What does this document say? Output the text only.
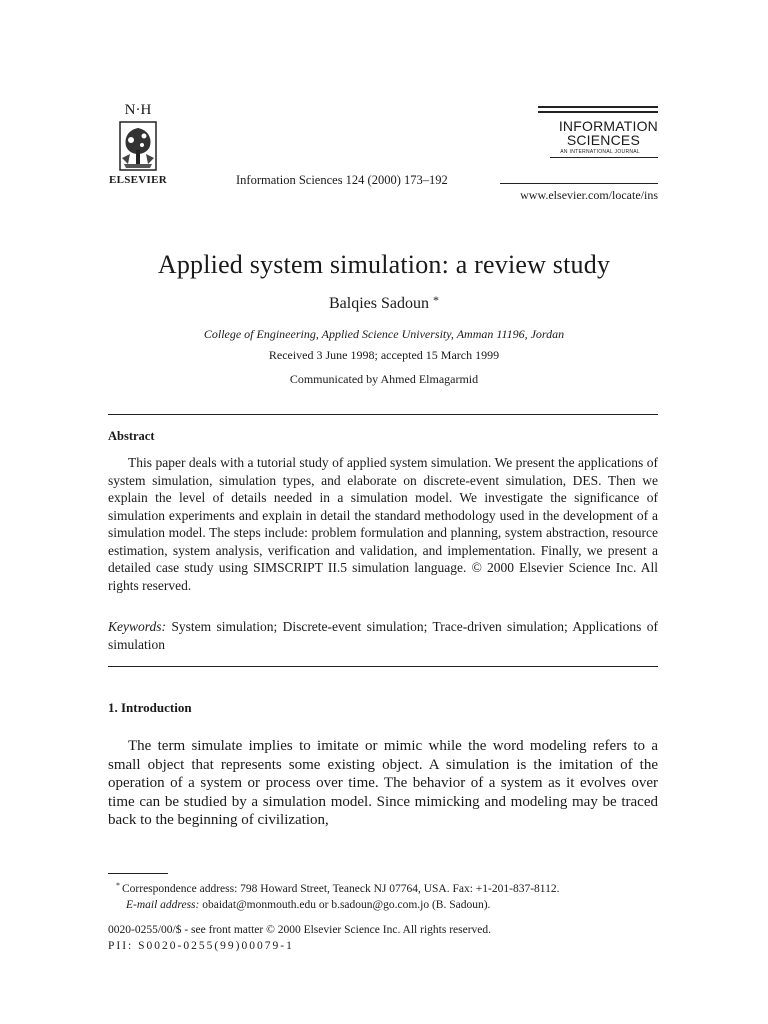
N·H
ELSEVIER	Information Sciences 124 (2000) 173–192
INFORMATION
SCIENCES
AN INTERNATIONAL JOURNAL
www.elsevier.com/locate/ins
Applied system simulation: a review study
Balqies Sadoun *
College of Engineering, Applied Science University, Amman 11196, Jordan
Received 3 June 1998; accepted 15 March 1999
Communicated by Ahmed Elmagarmid
Abstract
This paper deals with a tutorial study of applied system simulation. We present the applications of system simulation, simulation types, and elaborate on discrete-event simulation, DES. Then we explain the level of details needed in a simulation model. We investigate the significance of simulation experiments and explain in detail the standard methodology used in the development of a simulation model. The steps include: problem formulation and planning, system abstraction, resource estimation, system analysis, verification and validation, and implementation. Finally, we present a detailed case study using SIMSCRIPT II.5 simulation language. © 2000 Elsevier Science Inc. All rights reserved.
Keywords: System simulation; Discrete-event simulation; Trace-driven simulation; Applications of simulation
1. Introduction
The term simulate implies to imitate or mimic while the word modeling refers to a small object that represents some existing object. A simulation is the imitation of the operation of a system or process over time. The behavior of a system as it evolves over time can be studied by a simulation model. Since mimicking and modeling may be traced back to the beginning of civilization,
* Correspondence address: 798 Howard Street, Teaneck NJ 07764, USA. Fax: +1-201-837-8112.
E-mail address: obaidat@monmouth.edu or b.sadoun@go.com.jo (B. Sadoun).
0020-0255/00/$ - see front matter © 2000 Elsevier Science Inc. All rights reserved.
PII: S0020-0255(99)00079-1
